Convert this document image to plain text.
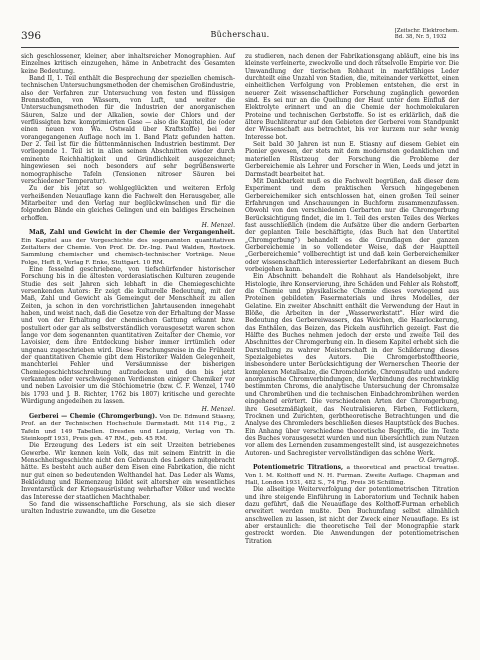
396	Bücherschau.	[Zeitschr. Elektrochem.
Bd. 38, Nr. 5, 1932

sich geschlossener, kleiner, aber inhaltsreicher Monographien. Auf Einzelnes kritisch einzugehen, häme in Anbetracht des Gesamten keine Bedeutung.

Band II, 1. Teil enthält die Besprechung der speziellen chemisch-technischen Untersuchungsmethoden der chemischen Großindustrie, also der Verfahren zur Untersuchung von festen und flüssigen Brennstoffen, von Wässern, von Luft, und weiter die Untersuchungsmethoden für die Industrien der anorganischen Säuren, Salze und der Alkalien, sowie der Chlors und der verflüssigten bzw. komprimierten Gase — also die Kapitel, die (oder einen neuen von Wa. Ostwald über Kraftstoffe) bei der vorangegangenen Auflage noch im 1. Band Platz gefunden hatten. Der 2. Teil ist für die hüttenmännischen Industrien bestimmt. Der vorliegende 1. Teil ist in allen seinen Abschnitten wieder durch eminente Reichhaltigkeit und Gründlichkeit ausgezeichnet; hingewiesen sei noch besonders auf sehr begrüßenswerte nomographische Tafeln (Tensionen nitroser Säuren bei verschiedener Temperatur).

Zu der bis jetzt so wohlgeglückten und weiteren Erfolg verheißenden Neuauflage kann die Fachwelt den Herausgeber, alle Mitarbeiter und den Verlag nur beglückwünschen und für die folgenden Bände ein gleiches Gelingen und ein baldiges Erscheinen erhoffen.

H. Menzel.

Maß, Zahl und Gewicht in der Chemie der Vergangenheit. Ein Kapitel aus der Vorgeschichte des sogenannten quantitativen Zeitalters der Chemie. Von Prof. Dr. Dr.-Ing. Paul Walden, Rostock. Sammlung chemischer und chemisch-technischer Vorträge. Neue Folge, Heft 8, Verlag F. Enke, Stuttgart. 10 RM.

Eine fesselnd geschriebene, von tiefschürfender historischer Forschung bis in die ältesten vorderasiatischen Kulturen zeugende Studie des seit Jahren sich lebhaft in die Chemiegeschichte versenkenden Autors: Er zeigt die kulturelle Bedeutung, mit der Maß, Zahl und Gewicht als Gemeingut der Menschheit zu allen Zeiten, ja schon in den vorchristlichen Jahrtausenden innegehabt haben, und weist nach, daß die Gesetze von der Erhaltung der Masse und von der Erhaltung der chemischen Gattung erkannt bzw. postuliert oder gar als selbstverständlich vorausgesetzt waren schon lange vor dem sogenannten quantitativen Zeitalter der Chemie, vor Lavoisier, dem ihre Entdeckung bisher immer irrtümlich oder ungenau zugeschrieben wird. Diese Forschungsreise in die Frühzeit der quantitativen Chemie gibt dem Historiker Walden Gelegenheit, manchterlei Fehler und Versäumnisse der bisherigen Chemiegeschichtsschreibung aufzudecken und den bis jetzt verkannten oder verschwiegenen Verdiensten einiger Chemiker vor und neben Lavoisier um die Stöchiometrie (bzw. C. F. Wenzel, 1740 bis 1793 und J. B. Richter, 1762 bis 1807) kritische und gerechte Würdigung angedeihen zu lassen.

H. Menzel.

Gerberei — Chemie (Chromgerbung). Von Dr. Edmund Stiasny, Prof. an der Technischen Hochschule Darmstadt. Mit 114 Fig., 2 Tafeln und 149 Tabellen. Dresden und Leipzig, Verlag von Th. Steinkopff 1931, Preis geh. 47 RM., geb. 45 RM.

Die Erzeugung des Leders ist ein seit Urzeiten betriebenes Gewerbe. Wir kennen kein Volk, das mit seinem Eintritt in die Menschheitsgeschichte nicht den Gebrauch des Leders mitgebracht hätte. Es besteht auch außer dem Eisen eine Fabrikation, die nicht nur gut einen so bedeutenden Welthandel hat. Das Leder als Wams, Bekleidung und Riemenzeug bildet seit altersher ein wesentliches Inventarstück der Kriegsausrüstung wehrhafter Völker und weckte das Interesse der staatlichen Machthaber.

So fand die wissenschaftliche Forschung, als sie sich dieser uralten Industrie zuwandte, um die Gesetze

zu studieren, nach denen der Fabrikationsgang abläuft, eine bis ins kleinste verfeinerte, zweckvolle und doch rätselvolle Empirie vor. Die Umwandlung der tierischen Rohhaut in marktfähiges Leder durchteilt eine Unzahl von Stadien, die, miteinander verkettet, einen einheitlichen Verfolgung von Problemen entstehen, die erst in neuerer Zeit wissenschaftlicher Forschung zugänglich geworden sind. Es sei nur an die Quellung der Haut unter dem Einfluß der Elektrolyte erinnert und an die Chemie der hochmolekularen Proteine und technischen Gerbstoffe. So ist es erklärlich, daß die ältere Buchliteratur auf den Gebieten der Gerberei vom Standpunkt der Wissenschaft aus betrachtet, bis vor kurzem nur sehr wenig Interesse bot.

Seit bald 30 Jahren ist nun E. Stiasny auf diesem Gebiet ein Pionier gewesen, der stets mit dem modernsten gedanklichen und materiellen Rüstzeug der Forschung die Probleme der Gerbereichemie als Lehrer und Forscher in Wien, Leeds und jetzt in Darmstadt bearbeitet hat.

Mit Dankbarkeit muß es die Fachwelt begrüßen, daß dieser dem Experiment und dem praktischen Versuch hingegebenen Gerbereichemiker sich entschlossen hat, einen großen Teil seiner Erfahrungen und Anschauungen in Buchform zusammenzufassen. Obwohl von den verschiedenen Gerbarten nur die Chromgerbung Berücksichtigung findet, die im 1. Teil des ersten Teiles des Werkes fast ausschließlich (indem die Aufsätze über die andern Gerbarten der geplanten Teile beschäftigte, (das Buch hat den Untertitel „Chromgerbung") behandelt es die Grundlagen der ganzen Gerbereichemie in so vollendeter Weise, daß der Hauptteil „Gerbereichemie" vollberechtigt ist und daß kein Gerbereichemiker oder wissenschaftlich interessierter Lederfabrikant an diesem Buch vorbeigehen kann.

Ein Abschnitt behandelt die Rohhaut als Handelsobjekt, ihre Histologie, ihre Konservierung, ihre Schäden und Fehler als Rohstoff, die Chemie und physikalische Chemie dieses vorwiegend aus Proteinen gebildeten Fasermaterials und ihres Modelles, der Gelatine. Ein zweiter Abschnitt enthält die Verwendung der Haut in Blöße, die Arbeiten in der „Wasserwerkstatt". Hier wird die Bedeutung des Gerbereiwassers, das Weichen, die Haarlockerung, das Enthälen, das Beizen, das Pickeln ausführlich gezeigt. Fast die Hälfte des Buches nehmen jedoch der erste und zweite Teil des Abschnittes der Chromgerbung ein. In diesem Kapitel erhebt sich die Darstellung zu wahrer Meisterschaft in der Schilderung dieses Spezialgebietes des Autors. Die Chromgerbstofftheorie, insbesondere unter Berücksichtigung der Wernerschen Theorie der komplexen Metallsalze, die Chromchloride, Chromsulfate und andere anorganische Chromverbindungen, die Verbindung des rechtwinklig bestimmten Chroms, die analytische Untersuchung der Chromsalze und Chrombrühen und die technischen Einbadchrombrühen werden eingehend erörtert. Die verschiedenen Arten der Chromgerbung, ihre Gesetzmäßigkeit, das Neutralisieren, Färben, Fettlickern, Trocknen und Zurichten, gerbtheoretische Betrachtungen und die Analyse des Chromleders beschließen dieses Hauptstück des Buches. Ein Anhang über verschiedene theoretische Begriffe, die im Texte des Buches vorausgesetzt wurden und nun übersichtlich zum Nutzen vor allem des Lernenden zusammengestellt sind, ist ausgezeichnetes Autoren- und Sachregister vervollständigen das schöne Werk.

O. Gerngroß.

Potentiometric Titrations, a theoretical and practical treatise. Von I. M. Kolthoff und N. H. Furman. Zweite Auflage. Chapman and Hall, London 1931, 482 S., 74 Fig. Preis 36 Schilling.

Die allseitige Weiterverfolgung der potentiometrischen Titration und ihre steigende Einführung in Laboratorium und Technik haben dazu geführt, daß die Neuauflage des Kolthoff-Furman erheblich erweitert werden mußte. Den Buchumfang selbst allmählich anschwellen zu lassen, ist nicht der Zweck einer Neuauflage. Es ist aber erstaunlich: die theoretische Teil der Monographie stark gestreckt worden. Die Anwendungen der potentiometrischen Titration
